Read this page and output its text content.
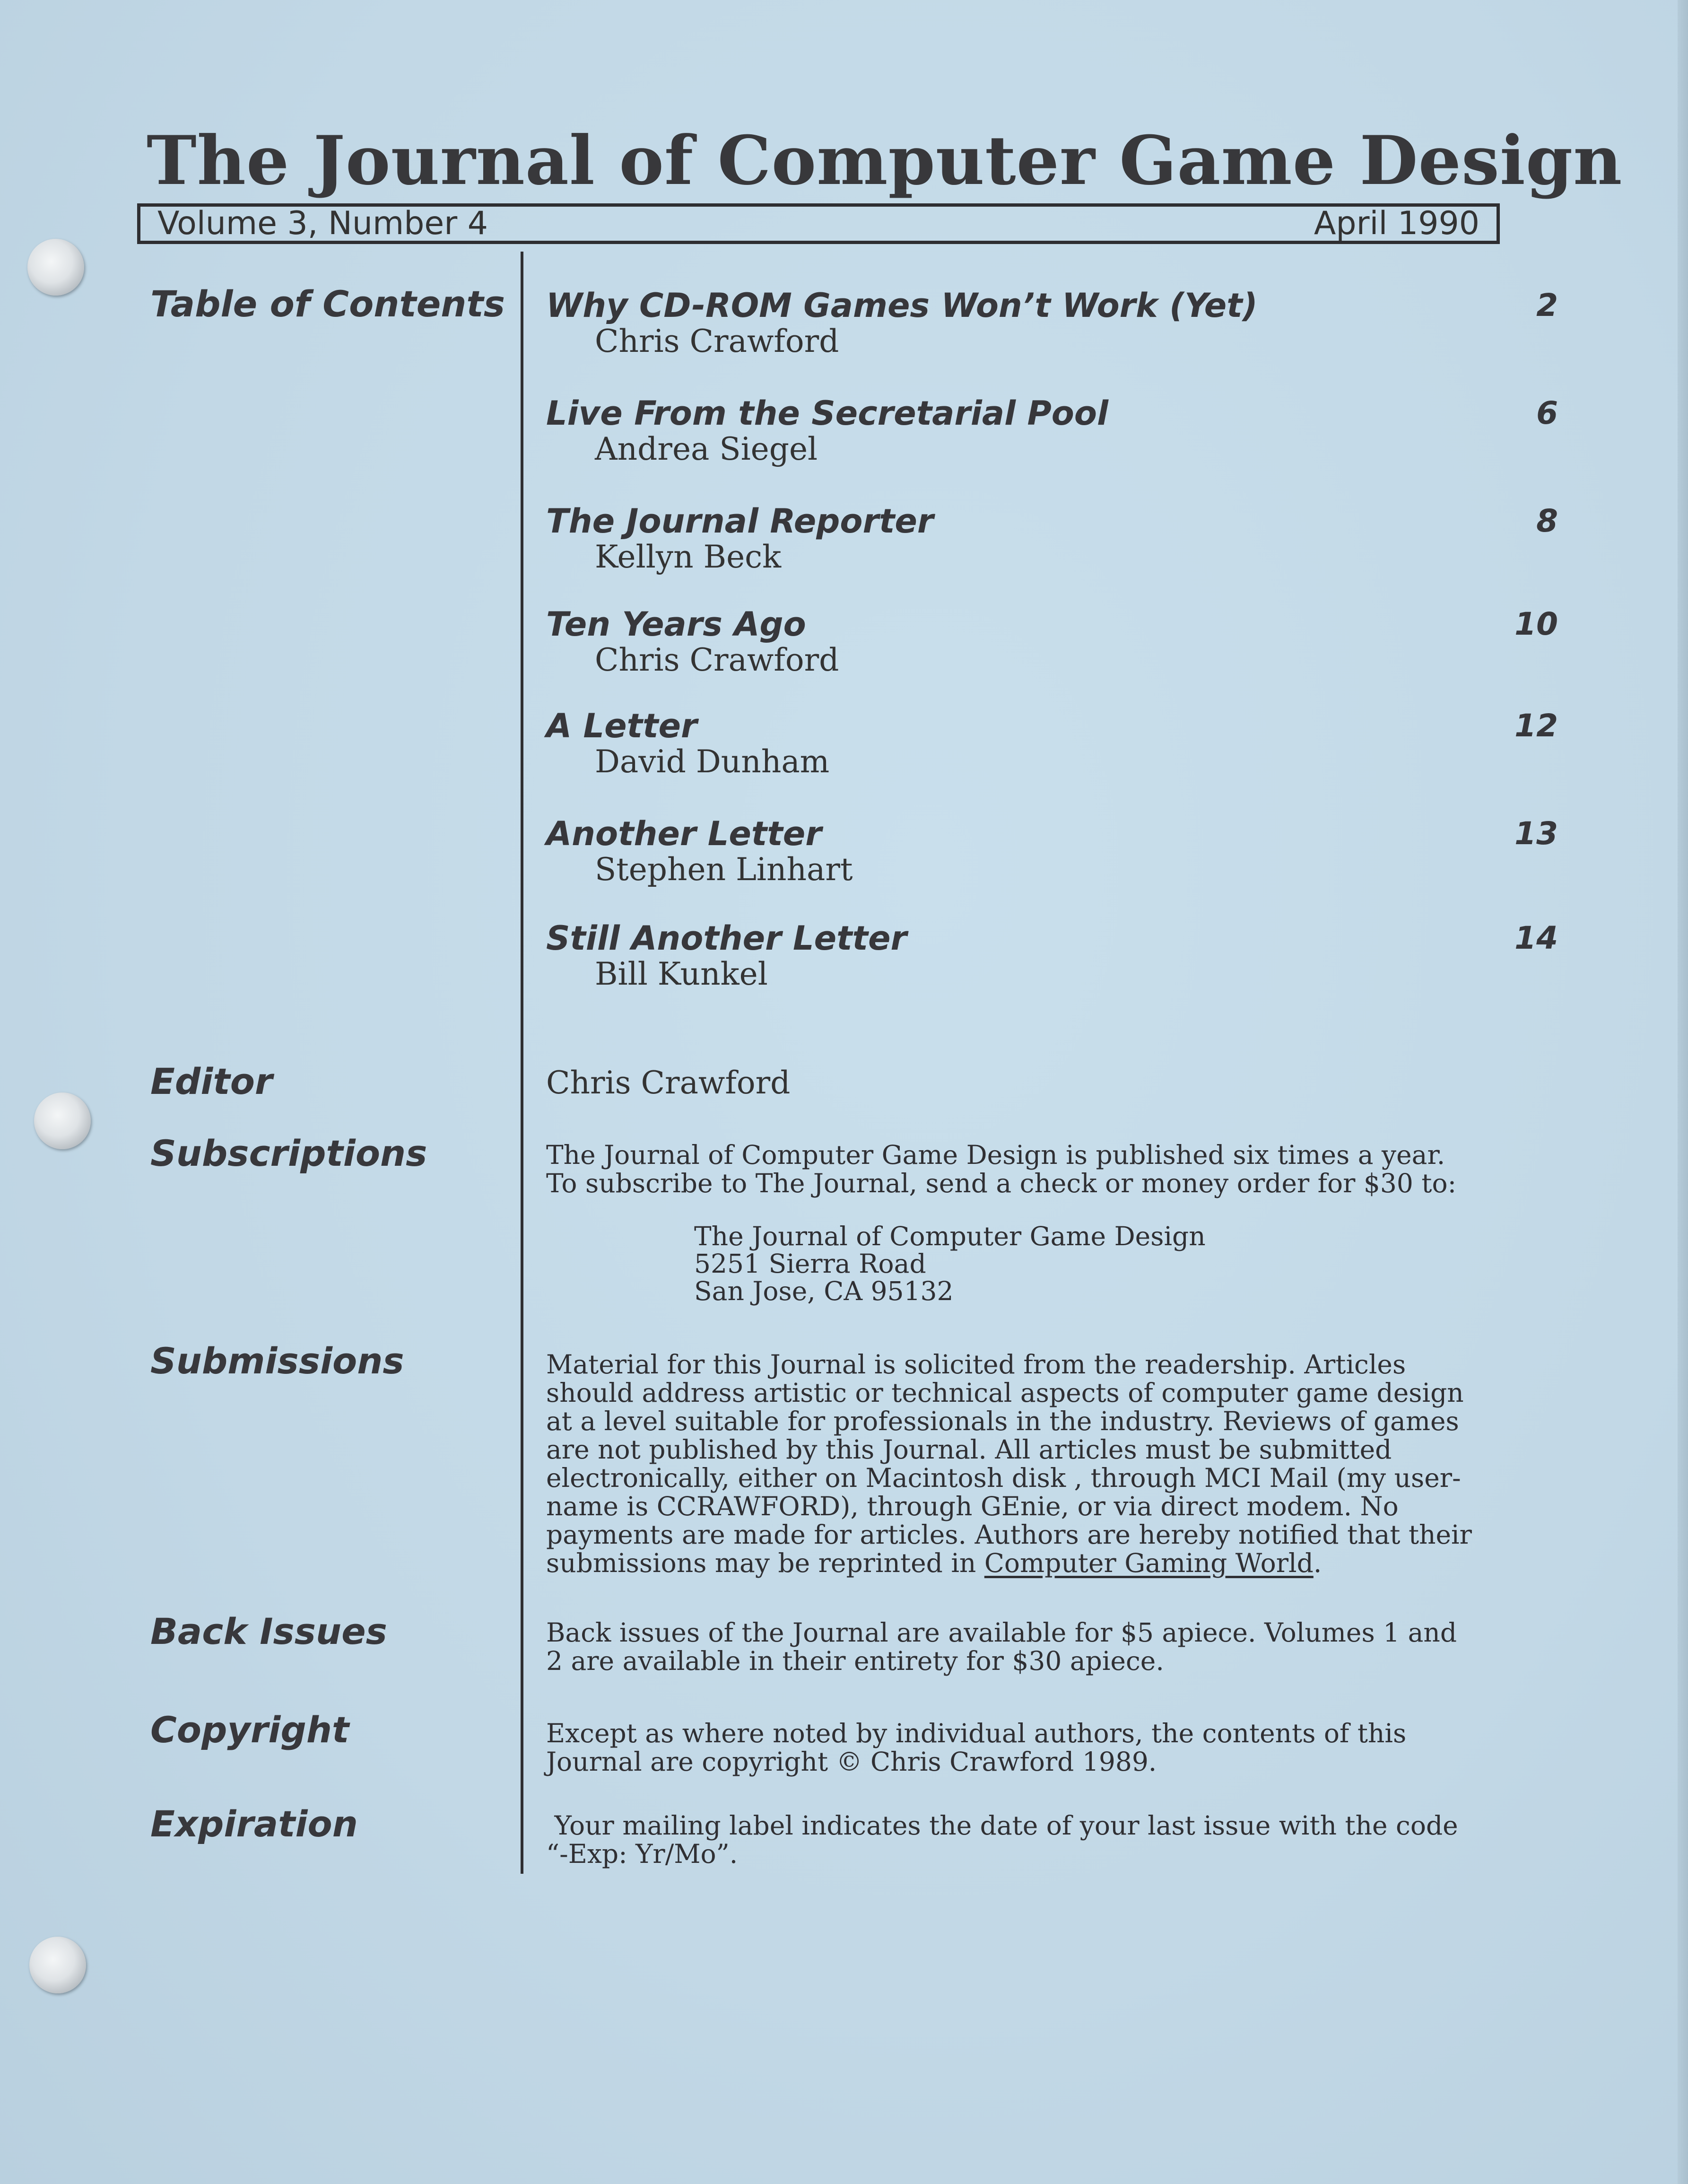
The Journal of Computer Game Design
Volume 3, Number 4	April 1990
Table of Contents
Editor
Subscriptions
Submissions
Back Issues
Copyright
Expiration
Why CD-ROM Games Won’t Work (Yet)
Chris Crawford
2
Live From the Secretarial Pool
Andrea Siegel
6
The Journal Reporter
Kellyn Beck
8
Ten Years Ago
Chris Crawford
10
A Letter
David Dunham
12
Another Letter
Stephen Linhart
13
Still Another Letter
Bill Kunkel
14
Chris Crawford
The Journal of Computer Game Design is published six times a year.
To subscribe to The Journal, send a check or money order for $30 to:
The Journal of Computer Game Design
5251 Sierra Road
San Jose, CA 95132
Material for this Journal is solicited from the readership. Articles
should address artistic or technical aspects of computer game design
at a level suitable for professionals in the industry. Reviews of games
are not published by this Journal. All articles must be submitted
electronically, either on Macintosh disk , through MCI Mail (my user-
name is CCRAWFORD), through GEnie, or via direct modem. No
payments are made for articles. Authors are hereby notified that their
submissions may be reprinted in Computer Gaming World.
Back issues of the Journal are available for $5 apiece. Volumes 1 and
2 are available in their entirety for $30 apiece.
Except as where noted by individual authors, the contents of this
Journal are copyright © Chris Crawford 1989.
Your mailing label indicates the date of your last issue with the code
“-Exp: Yr/Mo”.
